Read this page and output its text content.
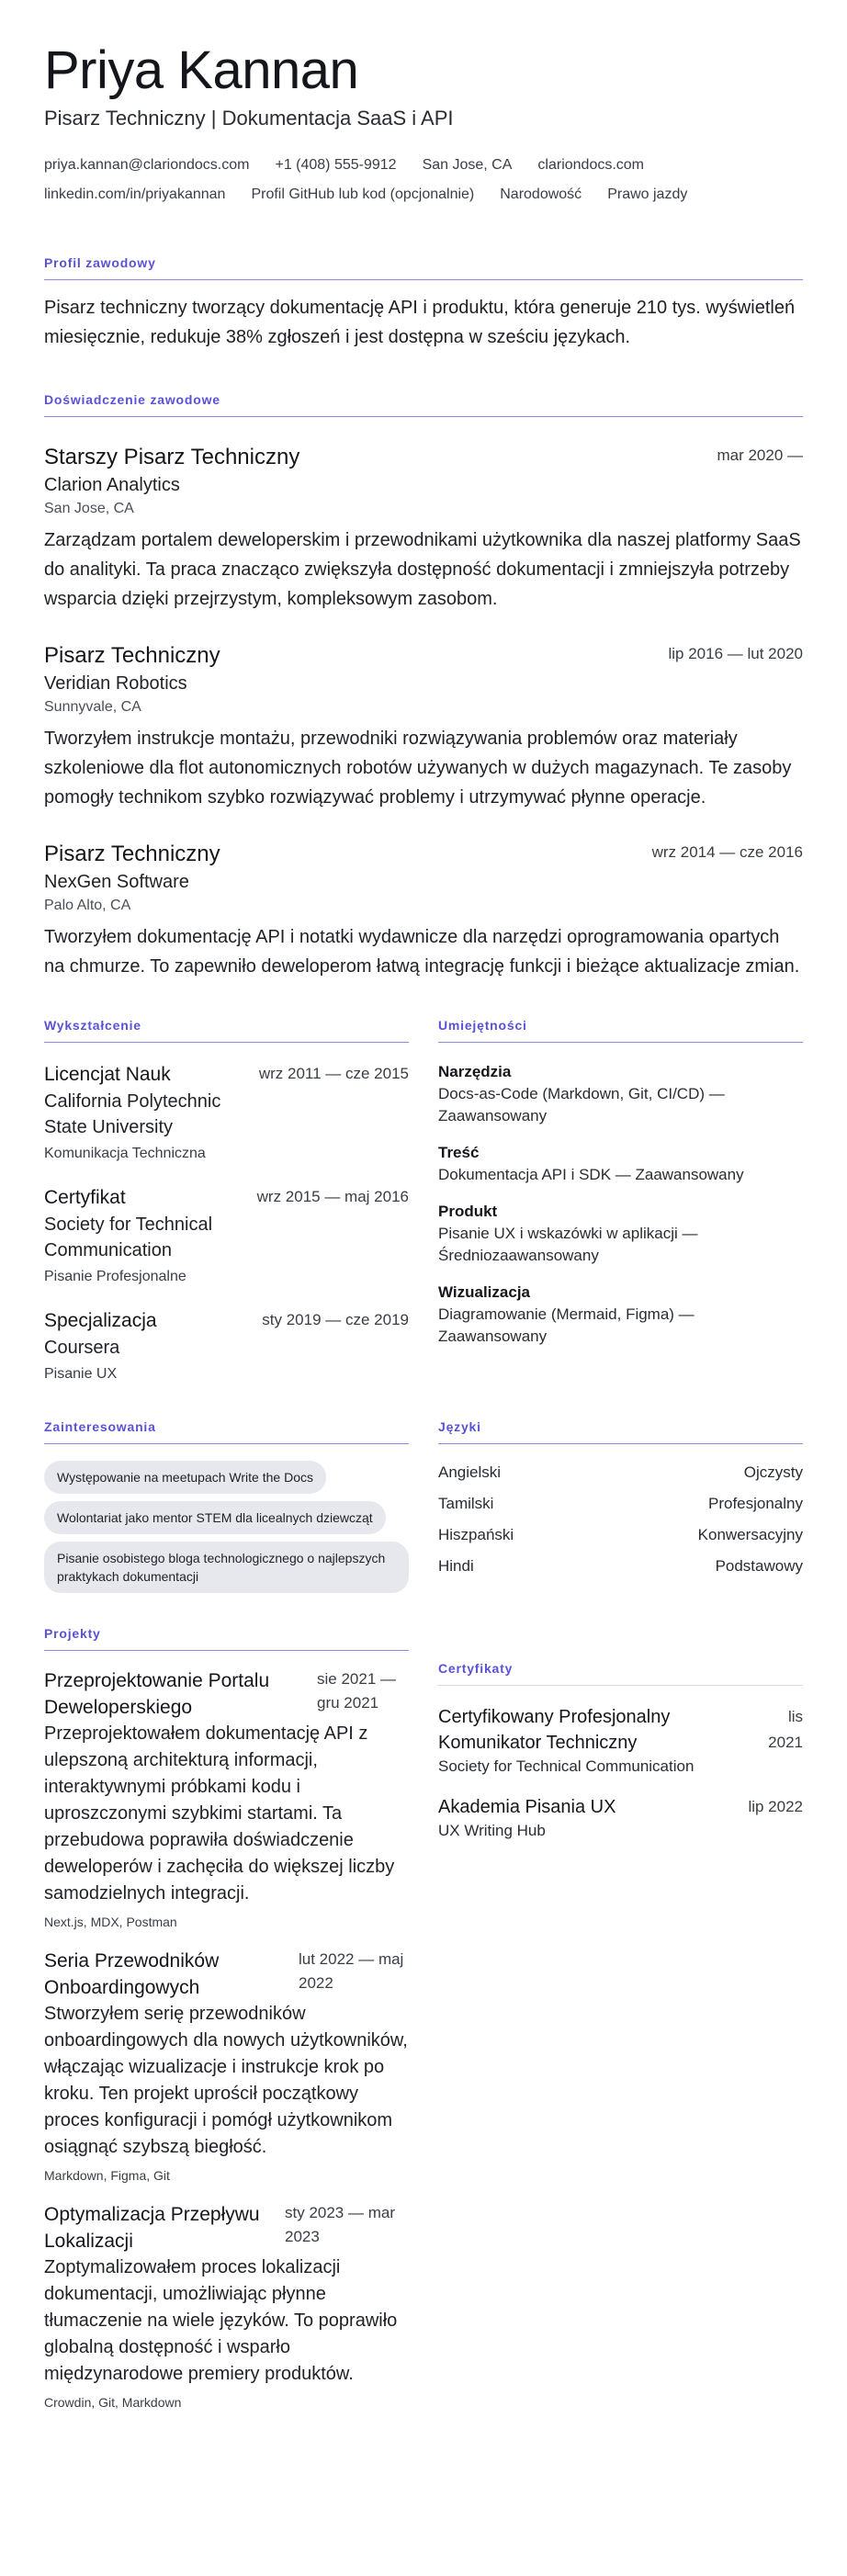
Priya Kannan
Pisarz Techniczny | Dokumentacja SaaS i API
priya.kannan@clariondocs.com +1 (408) 555-9912 San Jose, CA clariondocs.com
linkedin.com/in/priyakannan Profil GitHub lub kod (opcjonalnie) Narodowość Prawo jazdy
Profil zawodowy

Pisarz techniczny tworzący dokumentację API i produktu, która generuje 210 tys. wyświetleń miesięcznie, redukuje 38% zgłoszeń i jest dostępna w sześciu językach.

Doświadczenie zawodowe
Starszy Pisarz Techniczny	mar 2020 —
Clarion Analytics
San Jose, CA
Zarządzam portalem deweloperskim i przewodnikami użytkownika dla naszej platformy SaaS do analityki. Ta praca znacząco zwiększyła dostępność dokumentacji i zmniejszyła potrzeby wsparcia dzięki przejrzystym, kompleksowym zasobom.
Pisarz Techniczny	lip 2016 — lut 2020
Veridian Robotics
Sunnyvale, CA
Tworzyłem instrukcje montażu, przewodniki rozwiązywania problemów oraz materiały szkoleniowe dla flot autonomicznych robotów używanych w dużych magazynach. Te zasoby pomogły technikom szybko rozwiązywać problemy i utrzymywać płynne operacje.
Pisarz Techniczny	wrz 2014 — cze 2016
NexGen Software
Palo Alto, CA
Tworzyłem dokumentację API i notatki wydawnicze dla narzędzi oprogramowania opartych na chmurze. To zapewniło deweloperom łatwą integrację funkcji i bieżące aktualizacje zmian.
Wykształcenie
Licencjat Nauk	wrz 2011 — cze 2015
California Polytechnic State University
Komunikacja Techniczna
Certyfikat	wrz 2015 — maj 2016
Society for Technical Communication
Pisanie Profesjonalne
Specjalizacja	sty 2019 — cze 2019
Coursera
Pisanie UX
Umiejętności
Narzędzia
Docs-as-Code (Markdown, Git, CI/CD) — Zaawansowany
Treść
Dokumentacja API i SDK — Zaawansowany
Produkt
Pisanie UX i wskazówki w aplikacji — Średniozaawansowany
Wizualizacja
Diagramowanie (Mermaid, Figma) — Zaawansowany
Zainteresowania
Występowanie na meetupach Write the Docs
Wolontariat jako mentor STEM dla licealnych dziewcząt
Pisanie osobistego bloga technologicznego o najlepszych praktykach dokumentacji
Języki
Angielski	Ojczysty
Tamilski	Profesjonalny
Hiszpański	Konwersacyjny
Hindi	Podstawowy
Projekty
Przeprojektowanie Portalu Deweloperskiego
sie 2021 — gru 2021
Przeprojektowałem dokumentację API z ulepszoną architekturą informacji, interaktywnymi próbkami kodu i uproszczonymi szybkimi startami. Ta przebudowa poprawiła doświadczenie deweloperów i zachęciła do większej liczby samodzielnych integracji.
Next.js, MDX, Postman
Seria Przewodników Onboardingowych
lut 2022 — maj 2022
Stworzyłem serię przewodników onboardingowych dla nowych użytkowników, włączając wizualizacje i instrukcje krok po kroku. Ten projekt uprościł początkowy proces konfiguracji i pomógł użytkownikom osiągnąć szybszą biegłość.
Markdown, Figma, Git
Optymalizacja Przepływu Lokalizacji
sty 2023 — mar 2023
Zoptymalizowałem proces lokalizacji dokumentacji, umożliwiając płynne tłumaczenie na wiele języków. To poprawiło globalną dostępność i wsparło międzynarodowe premiery produktów.
Crowdin, Git, Markdown
Certyfikaty
Certyfikowany Profesjonalny Komunikator Techniczny
lis 2021
Society for Technical Communication
Akademia Pisania UX	lip 2022
UX Writing Hub
